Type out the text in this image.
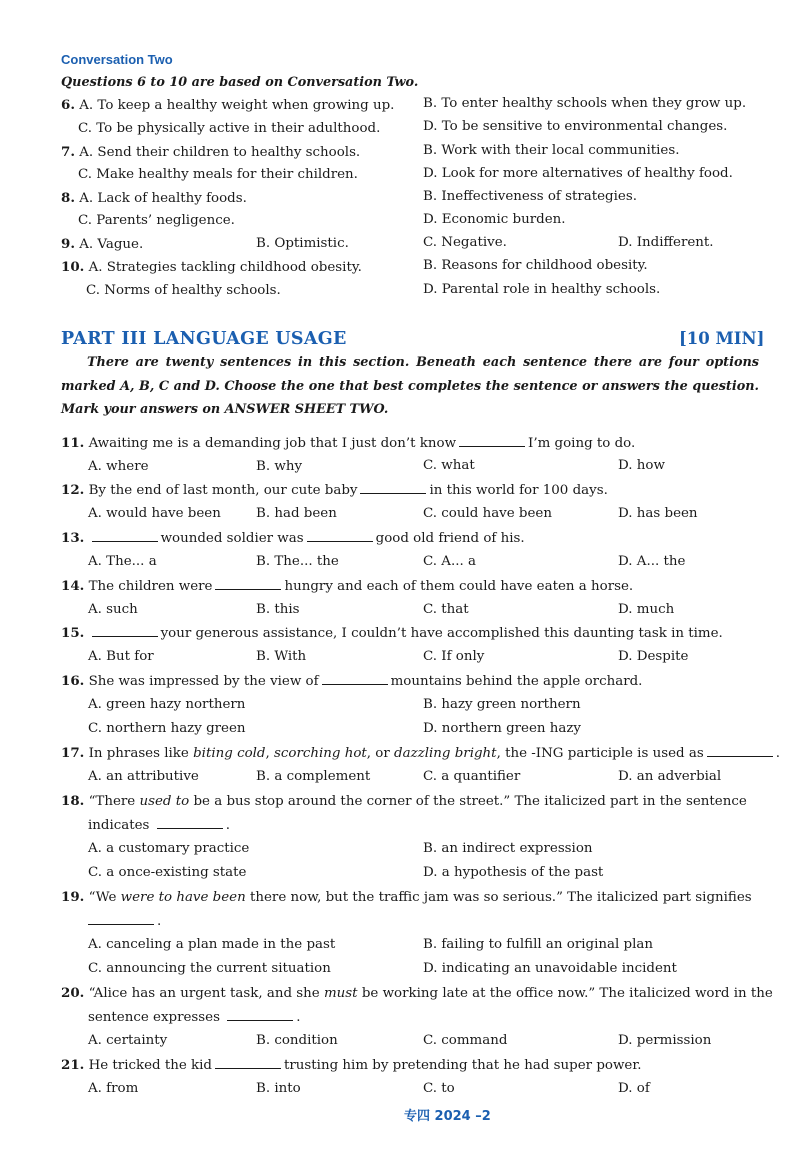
Conversation Two
Questions 6 to 10 are based on Conversation Two.
6. A. To keep a healthy weight when growing up. B. To enter healthy schools when they grow up.
C. To be physically active in their adulthood.	D. To be sensitive to environmental changes.
7. A. Send their children to healthy schools.	B. Work with their local communities.
C. Make healthy meals for their children.	D. Look for more alternatives of healthy food.
8. A. Lack of healthy foods.	B. Ineffectiveness of strategies.
C. Parents’ negligence.	D. Economic burden.
9. A. Vague.	B. Optimistic.	C. Negative.	D. Indifferent.
10. A. Strategies tackling childhood obesity.	B. Reasons for childhood obesity.
C. Norms of healthy schools.	D. Parental role in healthy schools.
PART III LANGUAGE USAGE	[10 MIN]
There are twenty sentences in this section. Beneath each sentence there are four options marked A, B, C and D. Choose the one that best completes the sentence or answers the question. Mark your answers on ANSWER SHEET TWO.
11. Awaiting me is a demanding job that I just don’t know	I’m going to do.
A. where	B. why	C. what	D. how
12. By the end of last month, our cute baby	in this world for 100 days.
A. would have been	B. had been	C. could have been	D. has been
13.	wounded soldier was	good old friend of his.
A. The... a	B. The... the	C. A... a	D. A... the
14. The children were	hungry and each of them could have eaten a horse.
A. such	B. this	C. that	D. much
15.	your generous assistance, I couldn’t have accomplished this daunting task in time.
A. But for	B. With	C. If only	D. Despite
16. She was impressed by the view of	mountains behind the apple orchard.
A. green hazy northern	B. hazy green northern
C. northern hazy green	D. northern green hazy
17. In phrases like biting cold, scorching hot, or dazzling bright, the -ING participle is used as	.
A. an attributive	B. a complement	C. a quantifier	D. an adverbial
18. “There used to be a bus stop around the corner of the street.” The italicized part in the sentence
indicates	.
A. a customary practice	B. an indirect expression
C. a once-existing state	D. a hypothesis of the past
19. “We were to have been there now, but the traffic jam was so serious.” The italicized part signifies
.
A. canceling a plan made in the past	B. failing to fulfill an original plan
C. announcing the current situation	D. indicating an unavoidable incident
20. “Alice has an urgent task, and she must be working late at the office now.” The italicized word in the
sentence expresses	.
A. certainty	B. condition	C. command	D. permission
21. He tricked the kid	trusting him by pretending that he had super power.
A. from	B. into	C. to	D. of
专四 2024 –2
